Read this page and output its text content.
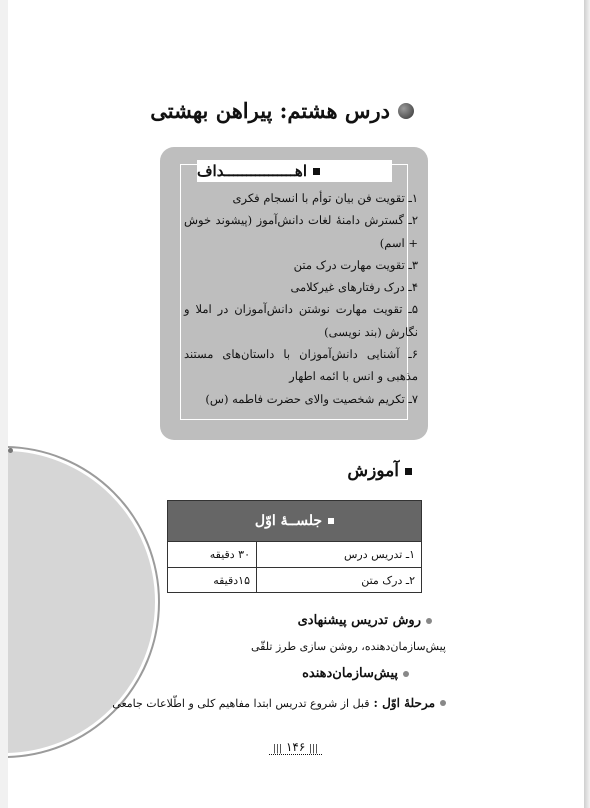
درس هشتم: پیراهن بهشتی
اهــــــــــــــــداف
۱ـ تقویت فن بیان توأم با انسجام فکری
۲ـ گسترش دامنهٔ لغات دانش‌آموز (پیشوند خوش + اسم)
۳ـ تقویت مهارت درک متن
۴ـ درک رفتارهای غیرکلامی
۵ـ تقویت مهارت نوشتن دانش‌آموزان در املا و نگارش (بند نویسی)
۶ـ آشنایی دانش‌آموزان با داستان‌های مستند مذهبی و انس با ائمه اطهار
۷ـ تکریم شخصیت والای حضرت فاطمه (س)
آموزش
جلســهٔ اوّل
۱ـ تدریس درس
۳۰ دقیقه
۲ـ درک متن
۱۵دقیقه
روش تدریس پیشنهادی
پیش‌سازمان‌دهنده، روشن سازی طرز تلقّی
پیش‌سازمان‌دهنده
مرحلهٔ اوّل :
قبل از شروع تدریس ابتدا مفاهیم کلی و اطّلاعات جامعی
||| ۱۴۶ |||
